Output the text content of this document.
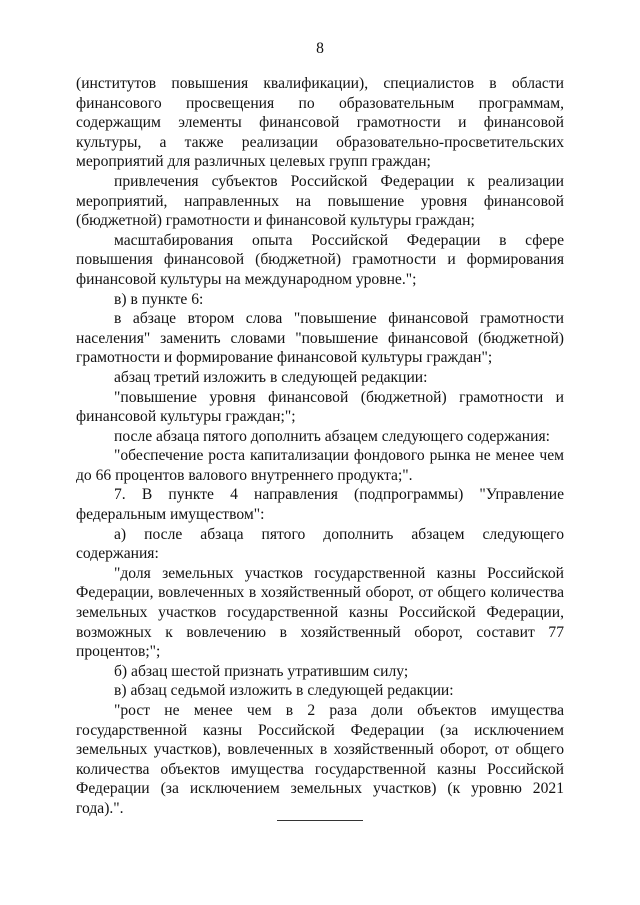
8

(институтов повышения квалификации), специалистов в области финансового просвещения по образовательным программам, содержащим элементы финансовой грамотности и финансовой культуры, а также реализации образовательно-просветительских мероприятий для различных целевых групп граждан;

привлечения субъектов Российской Федерации к реализации мероприятий, направленных на повышение уровня финансовой (бюджетной) грамотности и финансовой культуры граждан;

масштабирования опыта Российской Федерации в сфере повышения финансовой (бюджетной) грамотности и формирования финансовой культуры на международном уровне.";

в) в пункте 6:

в абзаце втором слова "повышение финансовой грамотности населения" заменить словами "повышение финансовой (бюджетной) грамотности и формирование финансовой культуры граждан";

абзац третий изложить в следующей редакции:

"повышение уровня финансовой (бюджетной) грамотности и финансовой культуры граждан;";

после абзаца пятого дополнить абзацем следующего содержания:

"обеспечение роста капитализации фондового рынка не менее чем до 66 процентов валового внутреннего продукта;".

7. В пункте 4 направления (подпрограммы) "Управление федеральным имуществом":

а) после абзаца пятого дополнить абзацем следующего содержания:

"доля земельных участков государственной казны Российской Федерации, вовлеченных в хозяйственный оборот, от общего количества земельных участков государственной казны Российской Федерации, возможных к вовлечению в хозяйственный оборот, составит 77 процентов;";

б) абзац шестой признать утратившим силу;

в) абзац седьмой изложить в следующей редакции:

"рост не менее чем в 2 раза доли объектов имущества государственной казны Российской Федерации (за исключением земельных участков), вовлеченных в хозяйственный оборот, от общего количества объектов имущества государственной казны Российской Федерации (за исключением земельных участков) (к уровню 2021 года).".
